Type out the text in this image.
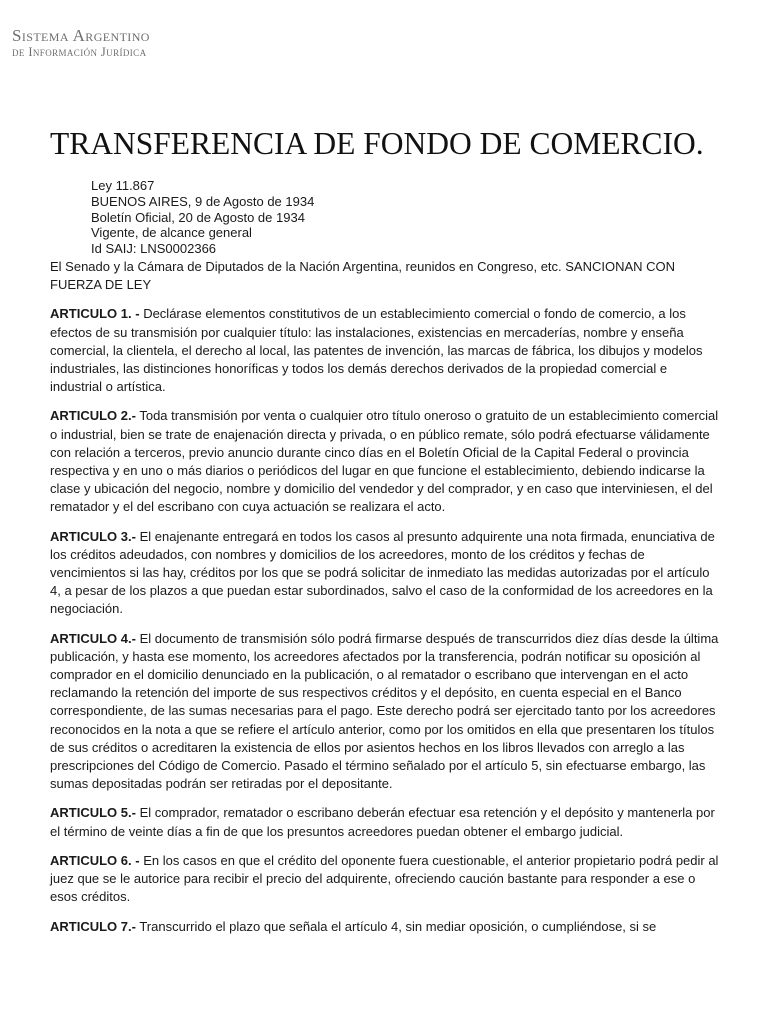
Sistema Argentino
de Información Jurídica
TRANSFERENCIA DE FONDO DE COMERCIO.
Ley 11.867
BUENOS AIRES, 9 de Agosto de 1934
Boletín Oficial, 20 de Agosto de 1934
Vigente, de alcance general
Id SAIJ: LNS0002366

El Senado y la Cámara de Diputados de la Nación Argentina, reunidos en Congreso, etc. SANCIONAN CON FUERZA DE LEY

ARTICULO 1. - Declárase elementos constitutivos de un establecimiento comercial o fondo de comercio, a los efectos de su transmisión por cualquier título: las instalaciones, existencias en mercaderías, nombre y enseña comercial, la clientela, el derecho al local, las patentes de invención, las marcas de fábrica, los dibujos y modelos industriales, las distinciones honoríficas y todos los demás derechos derivados de la propiedad comercial e industrial o artística.

ARTICULO 2.- Toda transmisión por venta o cualquier otro título oneroso o gratuito de un establecimiento comercial o industrial, bien se trate de enajenación directa y privada, o en público remate, sólo podrá efectuarse válidamente con relación a terceros, previo anuncio durante cinco días en el Boletín Oficial de la Capital Federal o provincia respectiva y en uno o más diarios o periódicos del lugar en que funcione el establecimiento, debiendo indicarse la clase y ubicación del negocio, nombre y domicilio del vendedor y del comprador, y en caso que interviniesen, el del rematador y el del escribano con cuya actuación se realizara el acto.

ARTICULO 3.- El enajenante entregará en todos los casos al presunto adquirente una nota firmada, enunciativa de los créditos adeudados, con nombres y domicilios de los acreedores, monto de los créditos y fechas de vencimientos si las hay, créditos por los que se podrá solicitar de inmediato las medidas autorizadas por el artículo 4, a pesar de los plazos a que puedan estar subordinados, salvo el caso de la conformidad de los acreedores en la negociación.

ARTICULO 4.- El documento de transmisión sólo podrá firmarse después de transcurridos diez días desde la última publicación, y hasta ese momento, los acreedores afectados por la transferencia, podrán notificar su oposición al comprador en el domicilio denunciado en la publicación, o al rematador o escribano que intervengan en el acto reclamando la retención del importe de sus respectivos créditos y el depósito, en cuenta especial en el Banco correspondiente, de las sumas necesarias para el pago. Este derecho podrá ser ejercitado tanto por los acreedores reconocidos en la nota a que se refiere el artículo anterior, como por los omitidos en ella que presentaren los títulos de sus créditos o acreditaren la existencia de ellos por asientos hechos en los libros llevados con arreglo a las prescripciones del Código de Comercio. Pasado el término señalado por el artículo 5, sin efectuarse embargo, las sumas depositadas podrán ser retiradas por el depositante.

ARTICULO 5.- El comprador, rematador o escribano deberán efectuar esa retención y el depósito y mantenerla por el término de veinte días a fin de que los presuntos acreedores puedan obtener el embargo judicial.

ARTICULO 6. - En los casos en que el crédito del oponente fuera cuestionable, el anterior propietario podrá pedir al juez que se le autorice para recibir el precio del adquirente, ofreciendo caución bastante para responder a ese o esos créditos.

ARTICULO 7.- Transcurrido el plazo que señala el artículo 4, sin mediar oposición, o cumpliéndose, si se
